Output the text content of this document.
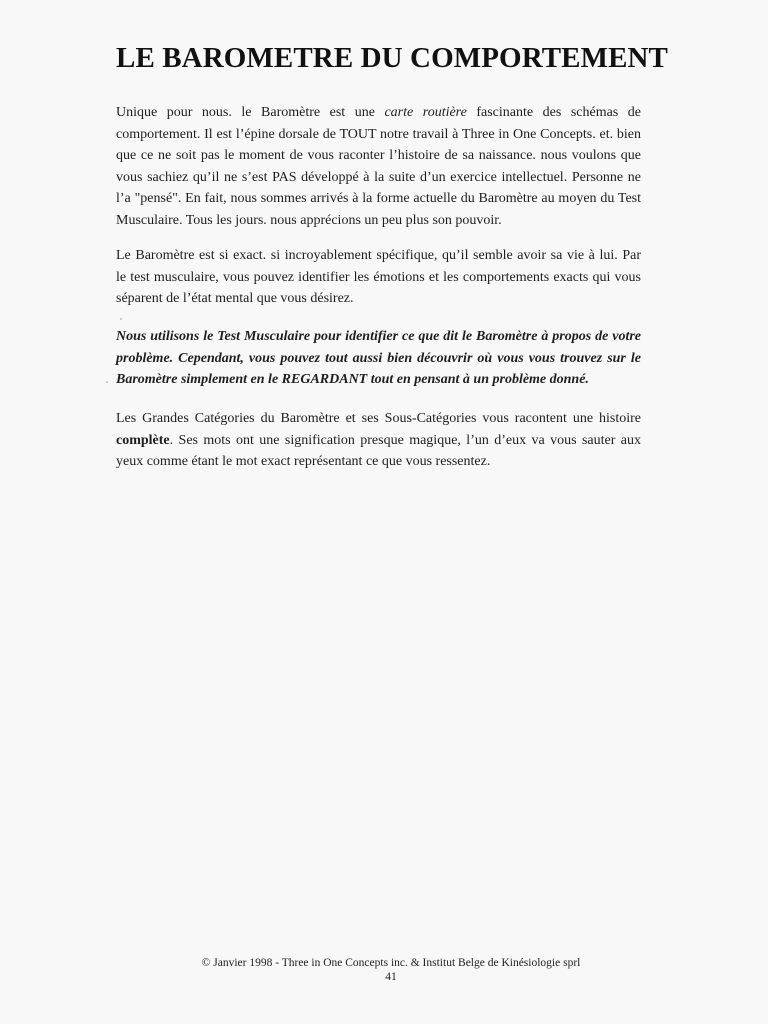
LE BAROMETRE DU COMPORTEMENT

Unique pour nous. le Baromètre est une carte routière fascinante des schémas de
comportement. Il est l’épine dorsale de TOUT notre travail à Three in One Concepts. et. bien
que ce ne soit pas le moment de vous raconter l’histoire de sa naissance. nous voulons que
vous sachiez qu’il ne s’est PAS développé à la suite d’un exercice intellectuel. Personne ne
l’a "pensé". En fait, nous sommes arrivés à la forme actuelle du Baromètre au moyen du Test
Musculaire. Tous les jours. nous apprécions un peu plus son pouvoir.

Le Baromètre est si exact. si incroyablement spécifique, qu’il semble avoir sa vie à lui. Par
le test musculaire, vous pouvez identifier les émotions et les comportements exacts qui vous
séparent de l’état mental que vous désirez.

Nous utilisons le Test Musculaire pour identifier ce que dit le Baromètre à propos de votre
problème. Cependant, vous pouvez tout aussi bien découvrir où vous vous trouvez sur le
Baromètre simplement en le REGARDANT tout en pensant à un problème donné.

Les Grandes Catégories du Baromètre et ses Sous-Catégories vous racontent une histoire
complète. Ses mots ont une signification presque magique, l’un d’eux va vous sauter aux
yeux comme étant le mot exact représentant ce que vous ressentez.

© Janvier 1998 - Three in One Concepts inc. & Institut Belge de Kinésiologie sprl

41
